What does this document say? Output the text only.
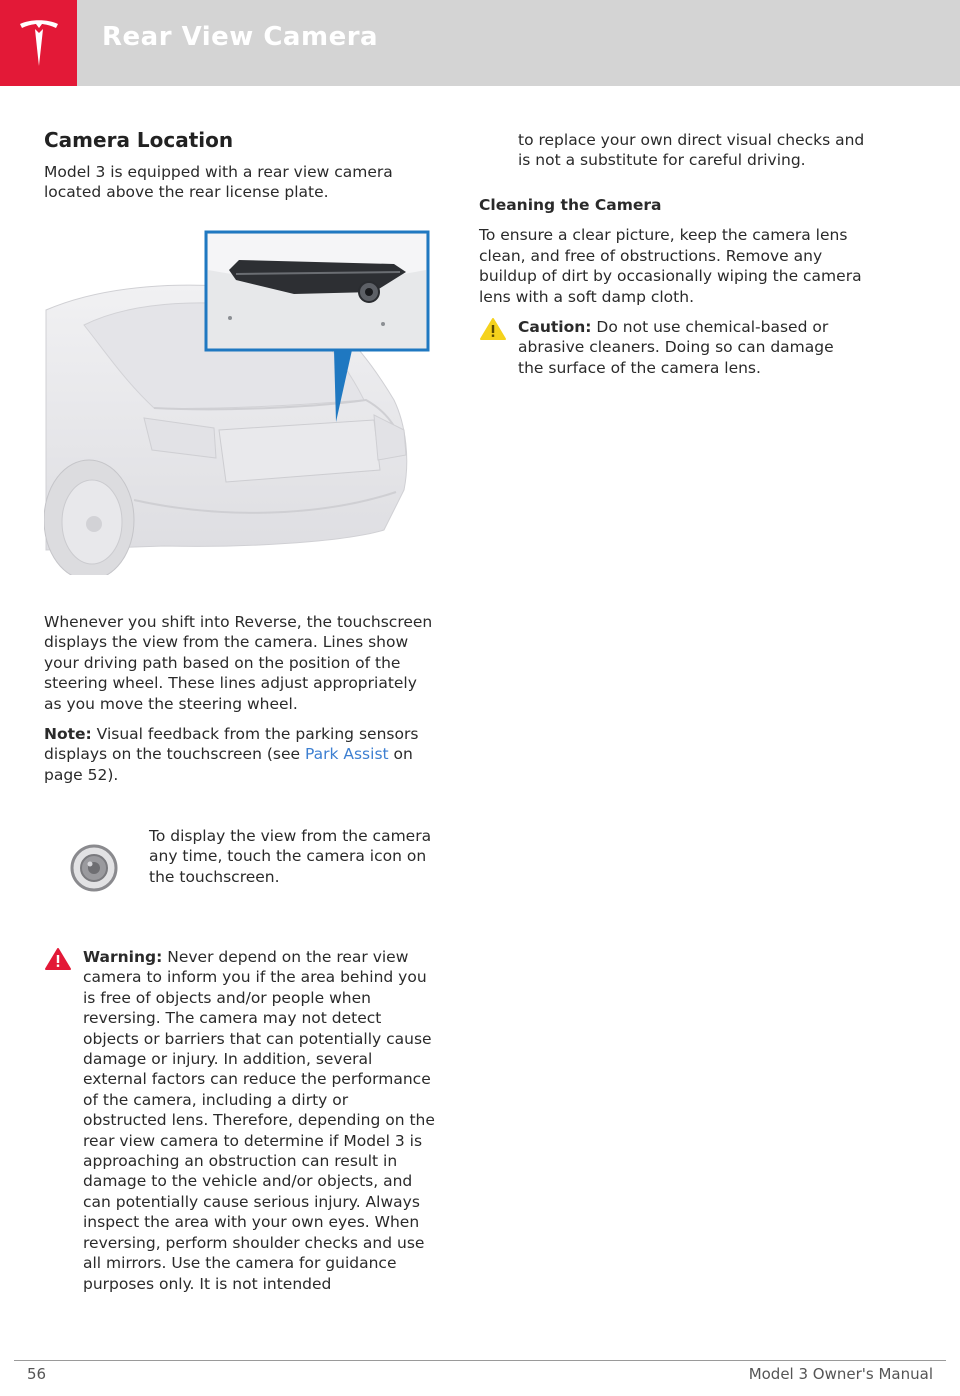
Rear View Camera
Camera Location

Model 3 is equipped with a rear view camera located above the rear license plate.

Whenever you shift into Reverse, the touchscreen displays the view from the camera. Lines show your driving path based on the position of the steering wheel. These lines adjust appropriately as you move the steering wheel.

Note: Visual feedback from the parking sensors displays on the touchscreen (see Park Assist on page 52).

To display the view from the camera any time, touch the camera icon on the touchscreen.

Warning: Never depend on the rear view camera to inform you if the area behind you is free of objects and/or people when reversing. The camera may not detect objects or barriers that can potentially cause damage or injury. In addition, several external factors can reduce the performance of the camera, including a dirty or obstructed lens. Therefore, depending on the rear view camera to determine if Model 3 is approaching an obstruction can result in damage to the vehicle and/or objects, and can potentially cause serious injury. Always inspect the area with your own eyes. When reversing, perform shoulder checks and use all mirrors. Use the camera for guidance purposes only. It is not intended

to replace your own direct visual checks and is not a substitute for careful driving.

Cleaning the Camera

To ensure a clear picture, keep the camera lens clean, and free of obstructions. Remove any buildup of dirt by occasionally wiping the camera lens with a soft damp cloth.

Caution: Do not use chemical-based or abrasive cleaners. Doing so can damage the surface of the camera lens.

56	Model 3 Owner's Manual
